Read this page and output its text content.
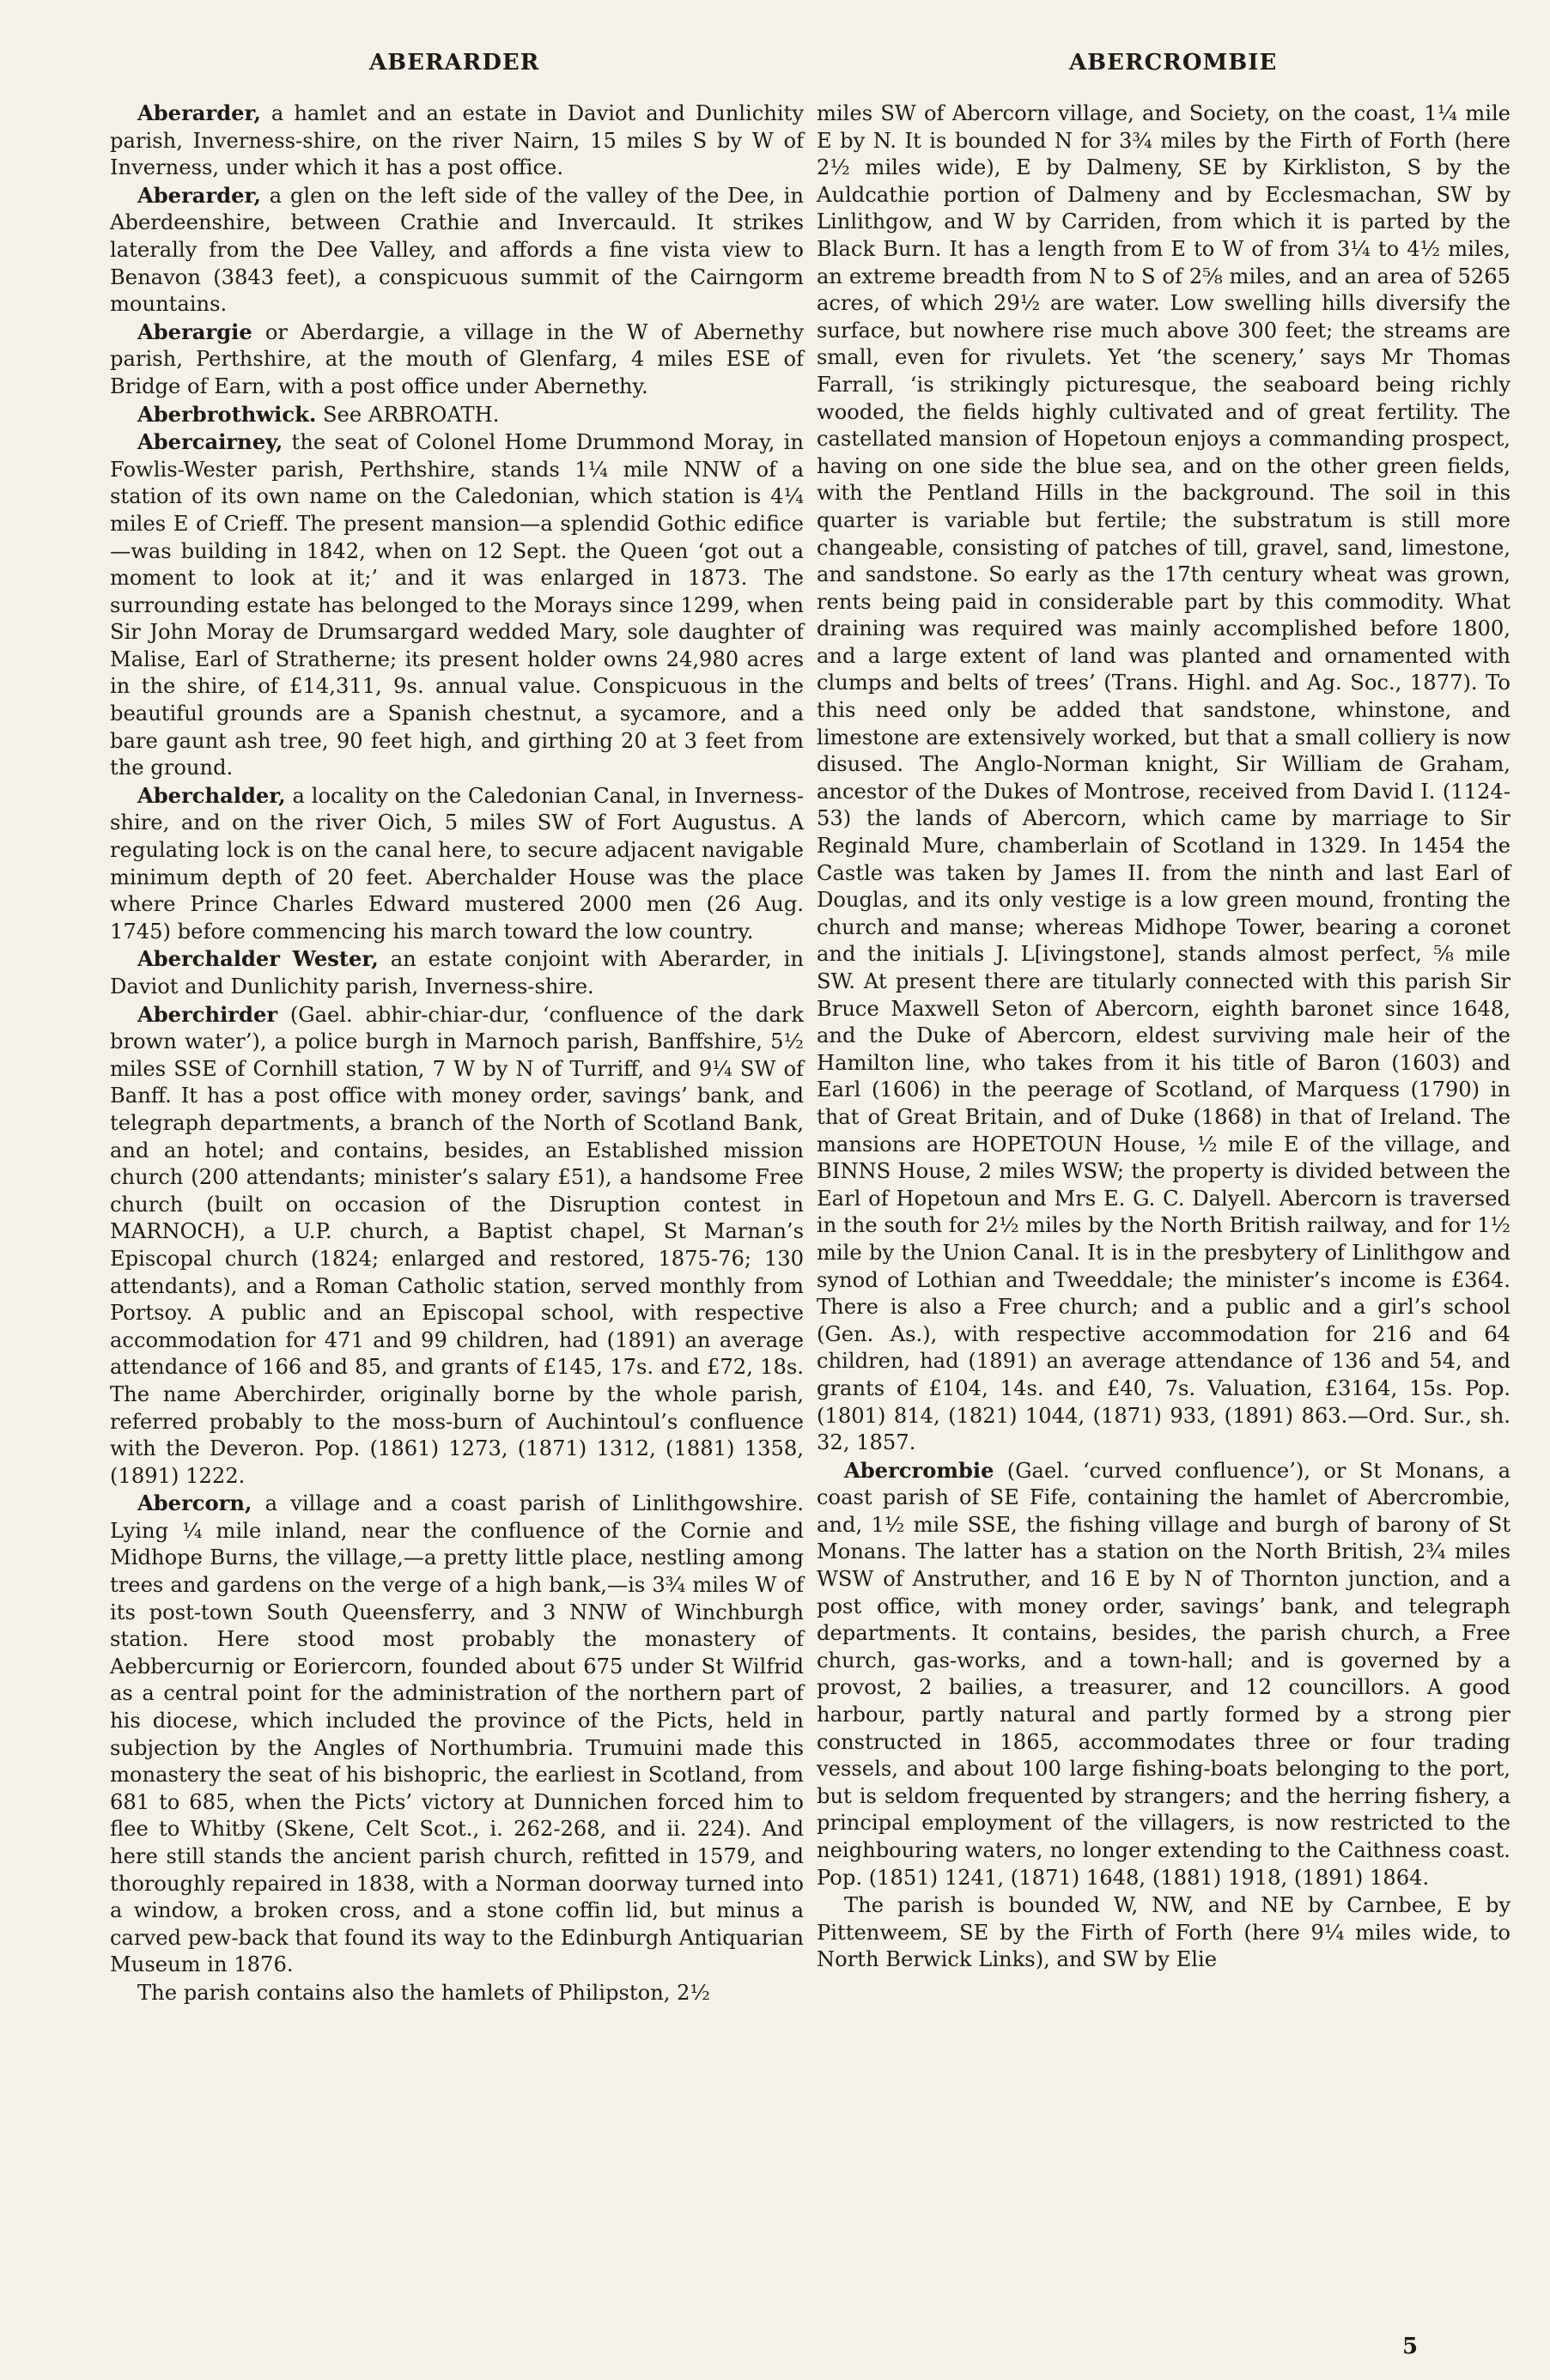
ABERARDER	ABERCROMBIE

Aberarder, a hamlet and an estate in Daviot and Dunlichity parish, Inverness-shire, on the river Nairn, 15 miles S by W of Inverness, under which it has a post office.

Aberarder, a glen on the left side of the valley of the Dee, in Aberdeenshire, between Crathie and Invercauld. It strikes laterally from the Dee Valley, and affords a fine vista view to Benavon (3843 feet), a conspicuous summit of the Cairngorm mountains.

Aberargie or Aberdargie, a village in the W of Abernethy parish, Perthshire, at the mouth of Glenfarg, 4 miles ESE of Bridge of Earn, with a post office under Abernethy.

Aberbrothwick. See ARBROATH.

Abercairney, the seat of Colonel Home Drummond Moray, in Fowlis-Wester parish, Perthshire, stands 1¼ mile NNW of a station of its own name on the Caledonian, which station is 4¼ miles E of Crieff. The present mansion—a splendid Gothic edifice—was building in 1842, when on 12 Sept. the Queen ‘got out a moment to look at it;’ and it was enlarged in 1873. The surrounding estate has belonged to the Morays since 1299, when Sir John Moray de Drumsargard wedded Mary, sole daughter of Malise, Earl of Stratherne; its present holder owns 24,980 acres in the shire, of £14,311, 9s. annual value. Conspicuous in the beautiful grounds are a Spanish chestnut, a sycamore, and a bare gaunt ash tree, 90 feet high, and girthing 20 at 3 feet from the ground.

Aberchalder, a locality on the Caledonian Canal, in Inverness-shire, and on the river Oich, 5 miles SW of Fort Augustus. A regulating lock is on the canal here, to secure adjacent navigable minimum depth of 20 feet. Aberchalder House was the place where Prince Charles Edward mustered 2000 men (26 Aug. 1745) before commencing his march toward the low country.

Aberchalder Wester, an estate conjoint with Aberarder, in Daviot and Dunlichity parish, Inverness-shire.

Aberchirder (Gael. abhir-chiar-dur, ‘confluence of the dark brown water’), a police burgh in Marnoch parish, Banffshire, 5½ miles SSE of Cornhill station, 7 W by N of Turriff, and 9¼ SW of Banff. It has a post office with money order, savings’ bank, and telegraph departments, a branch of the North of Scotland Bank, and an hotel; and contains, besides, an Established mission church (200 attendants; minister’s salary £51), a handsome Free church (built on occasion of the Disruption contest in MARNOCH), a U.P. church, a Baptist chapel, St Marnan’s Episcopal church (1824; enlarged and restored, 1875-76; 130 attendants), and a Roman Catholic station, served monthly from Portsoy. A public and an Episcopal school, with respective accommodation for 471 and 99 children, had (1891) an average attendance of 166 and 85, and grants of £145, 17s. and £72, 18s. The name Aberchirder, originally borne by the whole parish, referred probably to the moss-burn of Auchintoul’s confluence with the Deveron. Pop. (1861) 1273, (1871) 1312, (1881) 1358, (1891) 1222.

Abercorn, a village and a coast parish of Linlithgowshire. Lying ¼ mile inland, near the confluence of the Cornie and Midhope Burns, the village,—a pretty little place, nestling among trees and gardens on the verge of a high bank,—is 3¾ miles W of its post-town South Queensferry, and 3 NNW of Winchburgh station. Here stood most probably the monastery of Aebbercurnig or Eoriercorn, founded about 675 under St Wilfrid as a central point for the administration of the northern part of his diocese, which included the province of the Picts, held in subjection by the Angles of Northumbria. Trumuini made this monastery the seat of his bishopric, the earliest in Scotland, from 681 to 685, when the Picts’ victory at Dunnichen forced him to flee to Whitby (Skene, Celt Scot., i. 262-268, and ii. 224). And here still stands the ancient parish church, refitted in 1579, and thoroughly repaired in 1838, with a Norman doorway turned into a window, a broken cross, and a stone coffin lid, but minus a carved pew-back that found its way to the Edinburgh Antiquarian Museum in 1876.

The parish contains also the hamlets of Philipston, 2½

miles SW of Abercorn village, and Society, on the coast, 1¼ mile E by N. It is bounded N for 3¾ miles by the Firth of Forth (here 2½ miles wide), E by Dalmeny, SE by Kirkliston, S by the Auldcathie portion of Dalmeny and by Ecclesmachan, SW by Linlithgow, and W by Carriden, from which it is parted by the Black Burn. It has a length from E to W of from 3¼ to 4½ miles, an extreme breadth from N to S of 2⅝ miles, and an area of 5265 acres, of which 29½ are water. Low swelling hills diversify the surface, but nowhere rise much above 300 feet; the streams are small, even for rivulets. Yet ‘the scenery,’ says Mr Thomas Farrall, ‘is strikingly picturesque, the seaboard being richly wooded, the fields highly cultivated and of great fertility. The castellated mansion of Hopetoun enjoys a commanding prospect, having on one side the blue sea, and on the other green fields, with the Pentland Hills in the background. The soil in this quarter is variable but fertile; the substratum is still more changeable, consisting of patches of till, gravel, sand, limestone, and sandstone. So early as the 17th century wheat was grown, rents being paid in considerable part by this commodity. What draining was required was mainly accomplished before 1800, and a large extent of land was planted and ornamented with clumps and belts of trees’ (Trans. Highl. and Ag. Soc., 1877). To this need only be added that sandstone, whinstone, and limestone are extensively worked, but that a small colliery is now disused. The Anglo-Norman knight, Sir William de Graham, ancestor of the Dukes of Montrose, received from David I. (1124-53) the lands of Abercorn, which came by marriage to Sir Reginald Mure, chamberlain of Scotland in 1329. In 1454 the Castle was taken by James II. from the ninth and last Earl of Douglas, and its only vestige is a low green mound, fronting the church and manse; whereas Midhope Tower, bearing a coronet and the initials J. L[ivingstone], stands almost perfect, ⅝ mile SW. At present there are titularly connected with this parish Sir Bruce Maxwell Seton of Abercorn, eighth baronet since 1648, and the Duke of Abercorn, eldest surviving male heir of the Hamilton line, who takes from it his title of Baron (1603) and Earl (1606) in the peerage of Scotland, of Marquess (1790) in that of Great Britain, and of Duke (1868) in that of Ireland. The mansions are HOPETOUN House, ½ mile E of the village, and BINNS House, 2 miles WSW; the property is divided between the Earl of Hopetoun and Mrs E. G. C. Dalyell. Abercorn is traversed in the south for 2½ miles by the North British railway, and for 1½ mile by the Union Canal. It is in the presbytery of Linlithgow and synod of Lothian and Tweeddale; the minister’s income is £364. There is also a Free church; and a public and a girl’s school (Gen. As.), with respective accommodation for 216 and 64 children, had (1891) an average attendance of 136 and 54, and grants of £104, 14s. and £40, 7s. Valuation, £3164, 15s. Pop. (1801) 814, (1821) 1044, (1871) 933, (1891) 863.—Ord. Sur., sh. 32, 1857.

Abercrombie (Gael. ‘curved confluence’), or St Monans, a coast parish of SE Fife, containing the hamlet of Abercrombie, and, 1½ mile SSE, the fishing village and burgh of barony of St Monans. The latter has a station on the North British, 2¾ miles WSW of Anstruther, and 16 E by N of Thornton junction, and a post office, with money order, savings’ bank, and telegraph departments. It contains, besides, the parish church, a Free church, gas-works, and a town-hall; and is governed by a provost, 2 bailies, a treasurer, and 12 councillors. A good harbour, partly natural and partly formed by a strong pier constructed in 1865, accommodates three or four trading vessels, and about 100 large fishing-boats belonging to the port, but is seldom frequented by strangers; and the herring fishery, a principal employment of the villagers, is now restricted to the neighbouring waters, no longer extending to the Caithness coast. Pop. (1851) 1241, (1871) 1648, (1881) 1918, (1891) 1864.

The parish is bounded W, NW, and NE by Carnbee, E by Pittenweem, SE by the Firth of Forth (here 9¼ miles wide, to North Berwick Links), and SW by Elie

5
